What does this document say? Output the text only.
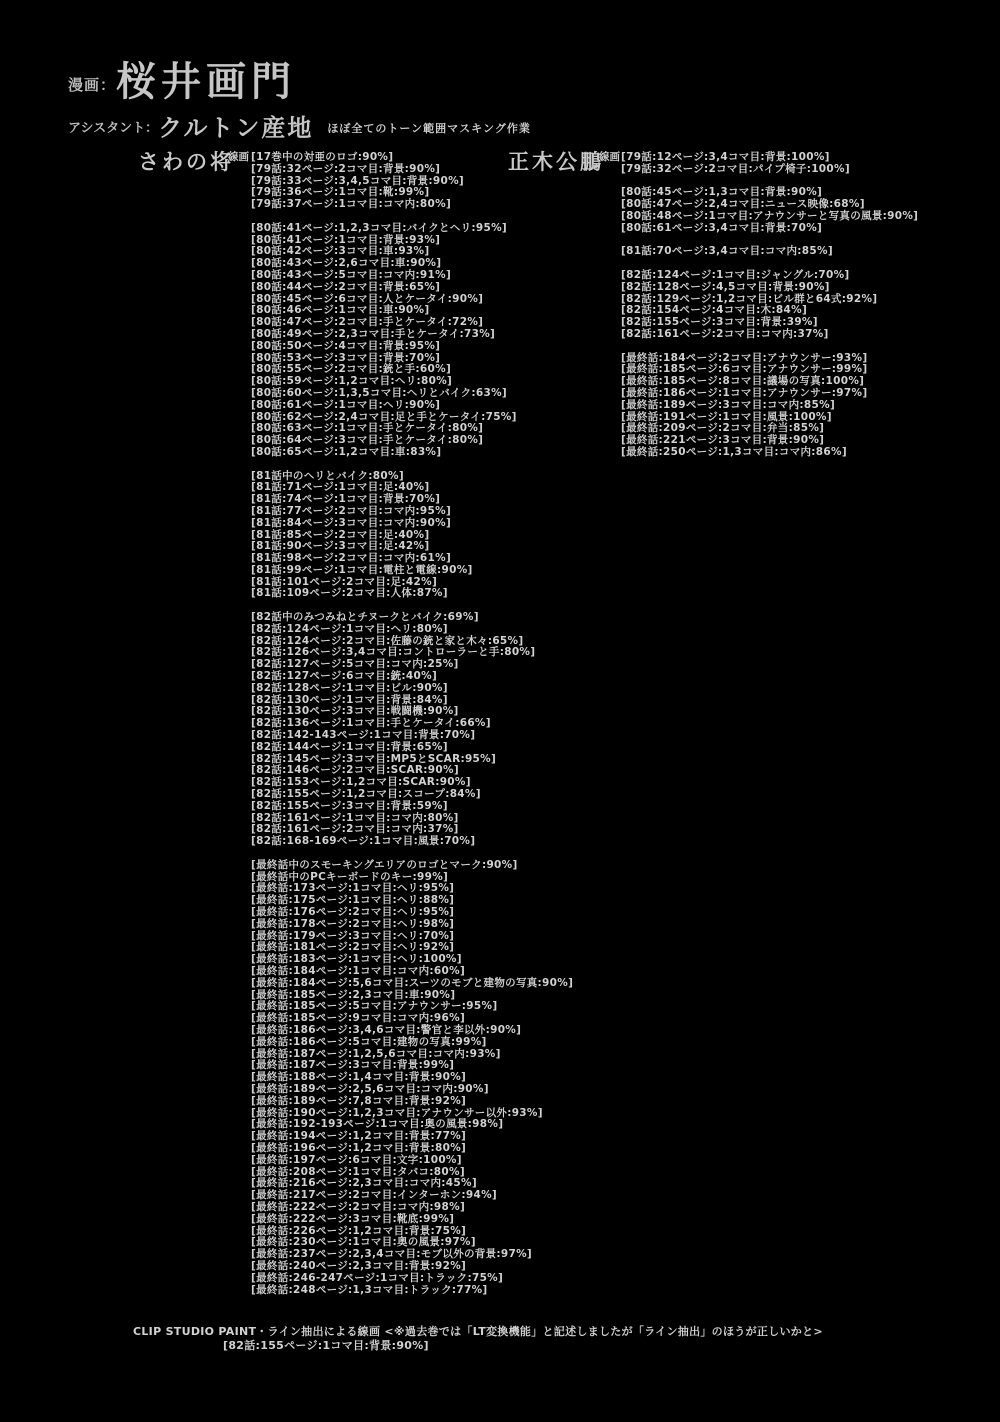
漫画： 桜井画門
アシスタント： クルトン産地 ほぼ全てのトーン範囲マスキング作業
さわの将	正木公鵬
線画	線画
[17巻中の対亜のロゴ:90%]
[79話:32ページ:2コマ目:背景:90%]
[79話:33ページ:3,4,5コマ目:背景:90%]
[79話:36ページ:1コマ目:靴:99%]
[79話:37ページ:1コマ目:コマ内:80%]
[80話:41ページ:1,2,3コマ目:バイクとヘリ:95%]
[80話:41ページ:1コマ目:背景:93%]
[80話:42ページ:3コマ目:車:93%]
[80話:43ページ:2,6コマ目:車:90%]
[80話:43ページ:5コマ目:コマ内:91%]
[80話:44ページ:2コマ目:背景:65%]
[80話:45ページ:6コマ目:人とケータイ:90%]
[80話:46ページ:1コマ目:車:90%]
[80話:47ページ:2コマ目:手とケータイ:72%]
[80話:49ページ:2,3コマ目:手とケータイ:73%]
[80話:50ページ:4コマ目:背景:95%]
[80話:53ページ:3コマ目:背景:70%]
[80話:55ページ:2コマ目:銃と手:60%]
[80話:59ページ:1,2コマ目:ヘリ:80%]
[80話:60ページ:1,3,5コマ目:ヘリとバイク:63%]
[80話:61ページ:1コマ目:ヘリ:90%]
[80話:62ページ:2,4コマ目:足と手とケータイ:75%]
[80話:63ページ:1コマ目:手とケータイ:80%]
[80話:64ページ:3コマ目:手とケータイ:80%]
[80話:65ページ:1,2コマ目:車:83%]
[81話中のヘリとバイク:80%]
[81話:71ページ:1コマ目:足:40%]
[81話:74ページ:1コマ目:背景:70%]
[81話:77ページ:2コマ目:コマ内:95%]
[81話:84ページ:3コマ目:コマ内:90%]
[81話:85ページ:2コマ目:足:40%]
[81話:90ページ:3コマ目:足:42%]
[81話:98ページ:2コマ目:コマ内:61%]
[81話:99ページ:1コマ目:電柱と電線:90%]
[81話:101ページ:2コマ目:足:42%]
[81話:109ページ:2コマ目:人体:87%]
[82話中のみつみねとチヌークとバイク:69%]
[82話:124ページ:1コマ目:ヘリ:80%]
[82話:124ページ:2コマ目:佐藤の銃と家と木々:65%]
[82話:126ページ:3,4コマ目:コントローラーと手:80%]
[82話:127ページ:5コマ目:コマ内:25%]
[82話:127ページ:6コマ目:銃:40%]
[82話:128ページ:1コマ目:ビル:90%]
[82話:130ページ:1コマ目:背景:84%]
[82話:130ページ:3コマ目:戦闘機:90%]
[82話:136ページ:1コマ目:手とケータイ:66%]
[82話:142-143ページ:1コマ目:背景:70%]
[82話:144ページ:1コマ目:背景:65%]
[82話:145ページ:3コマ目:MP5とSCAR:95%]
[82話:146ページ:2コマ目:SCAR:90%]
[82話:153ページ:1,2コマ目:SCAR:90%]
[82話:155ページ:1,2コマ目:スコープ:84%]
[82話:155ページ:3コマ目:背景:59%]
[82話:161ページ:1コマ目:コマ内:80%]
[82話:161ページ:2コマ目:コマ内:37%]
[82話:168-169ページ:1コマ目:風景:70%]
[最終話中のスモーキングエリアのロゴとマーク:90%]
[最終話中のPCキーボードのキー:99%]
[最終話:173ページ:1コマ目:ヘリ:95%]
[最終話:175ページ:1コマ目:ヘリ:88%]
[最終話:176ページ:2コマ目:ヘリ:95%]
[最終話:178ページ:2コマ目:ヘリ:98%]
[最終話:179ページ:3コマ目:ヘリ:70%]
[最終話:181ページ:2コマ目:ヘリ:92%]
[最終話:183ページ:1コマ目:ヘリ:100%]
[最終話:184ページ:1コマ目:コマ内:60%]
[最終話:184ページ:5,6コマ目:スーツのモブと建物の写真:90%]
[最終話:185ページ:2,3コマ目:車:90%]
[最終話:185ページ:5コマ目:アナウンサー:95%]
[最終話:185ページ:9コマ目:コマ内:96%]
[最終話:186ページ:3,4,6コマ目:警官と李以外:90%]
[最終話:186ページ:5コマ目:建物の写真:99%]
[最終話:187ページ:1,2,5,6コマ目:コマ内:93%]
[最終話:187ページ:3コマ目:背景:99%]
[最終話:188ページ:1,4コマ目:背景:90%]
[最終話:189ページ:2,5,6コマ目:コマ内:90%]
[最終話:189ページ:7,8コマ目:背景:92%]
[最終話:190ページ:1,2,3コマ目:アナウンサー以外:93%]
[最終話:192-193ページ:1コマ目:奥の風景:98%]
[最終話:194ページ:1,2コマ目:背景:77%]
[最終話:196ページ:1,2コマ目:背景:80%]
[最終話:197ページ:6コマ目:文字:100%]
[最終話:208ページ:1コマ目:タバコ:80%]
[最終話:216ページ:2,3コマ目:コマ内:45%]
[最終話:217ページ:2コマ目:インターホン:94%]
[最終話:222ページ:2コマ目:コマ内:98%]
[最終話:222ページ:3コマ目:靴底:99%]
[最終話:226ページ:1,2コマ目:背景:75%]
[最終話:230ページ:1コマ目:奥の風景:97%]
[最終話:237ページ:2,3,4コマ目:モブ以外の背景:97%]
[最終話:240ページ:2,3コマ目:背景:92%]
[最終話:246-247ページ:1コマ目:トラック:75%]
[最終話:248ページ:1,3コマ目:トラック:77%]
[79話:12ページ:3,4コマ目:背景:100%]
[79話:32ページ:2コマ目:パイプ椅子:100%]
[80話:45ページ:1,3コマ目:背景:90%]
[80話:47ページ:2,4コマ目:ニュース映像:68%]
[80話:48ページ:1コマ目:アナウンサーと写真の風景:90%]
[80話:61ページ:3,4コマ目:背景:70%]
[81話:70ページ:3,4コマ目:コマ内:85%]
[82話:124ページ:1コマ目:ジャングル:70%]
[82話:128ページ:4,5コマ目:背景:90%]
[82話:129ページ:1,2コマ目:ビル群と64式:92%]
[82話:154ページ:4コマ目:木:84%]
[82話:155ページ:3コマ目:背景:39%]
[82話:161ページ:2コマ目:コマ内:37%]
[最終話:184ページ:2コマ目:アナウンサー:93%]
[最終話:185ページ:6コマ目:アナウンサー:99%]
[最終話:185ページ:8コマ目:議場の写真:100%]
[最終話:186ページ:1コマ目:アナウンサー:97%]
[最終話:189ページ:3コマ目:コマ内:85%]
[最終話:191ページ:1コマ目:風景:100%]
[最終話:209ページ:2コマ目:弁当:85%]
[最終話:221ページ:3コマ目:背景:90%]
[最終話:250ページ:1,3コマ目:コマ内:86%]
CLIP STUDIO PAINT・ライン抽出による線画 <※過去巻では「LT変換機能」と記述しましたが「ライン抽出」のほうが正しいかと>
[82話:155ページ:1コマ目:背景:90%]
